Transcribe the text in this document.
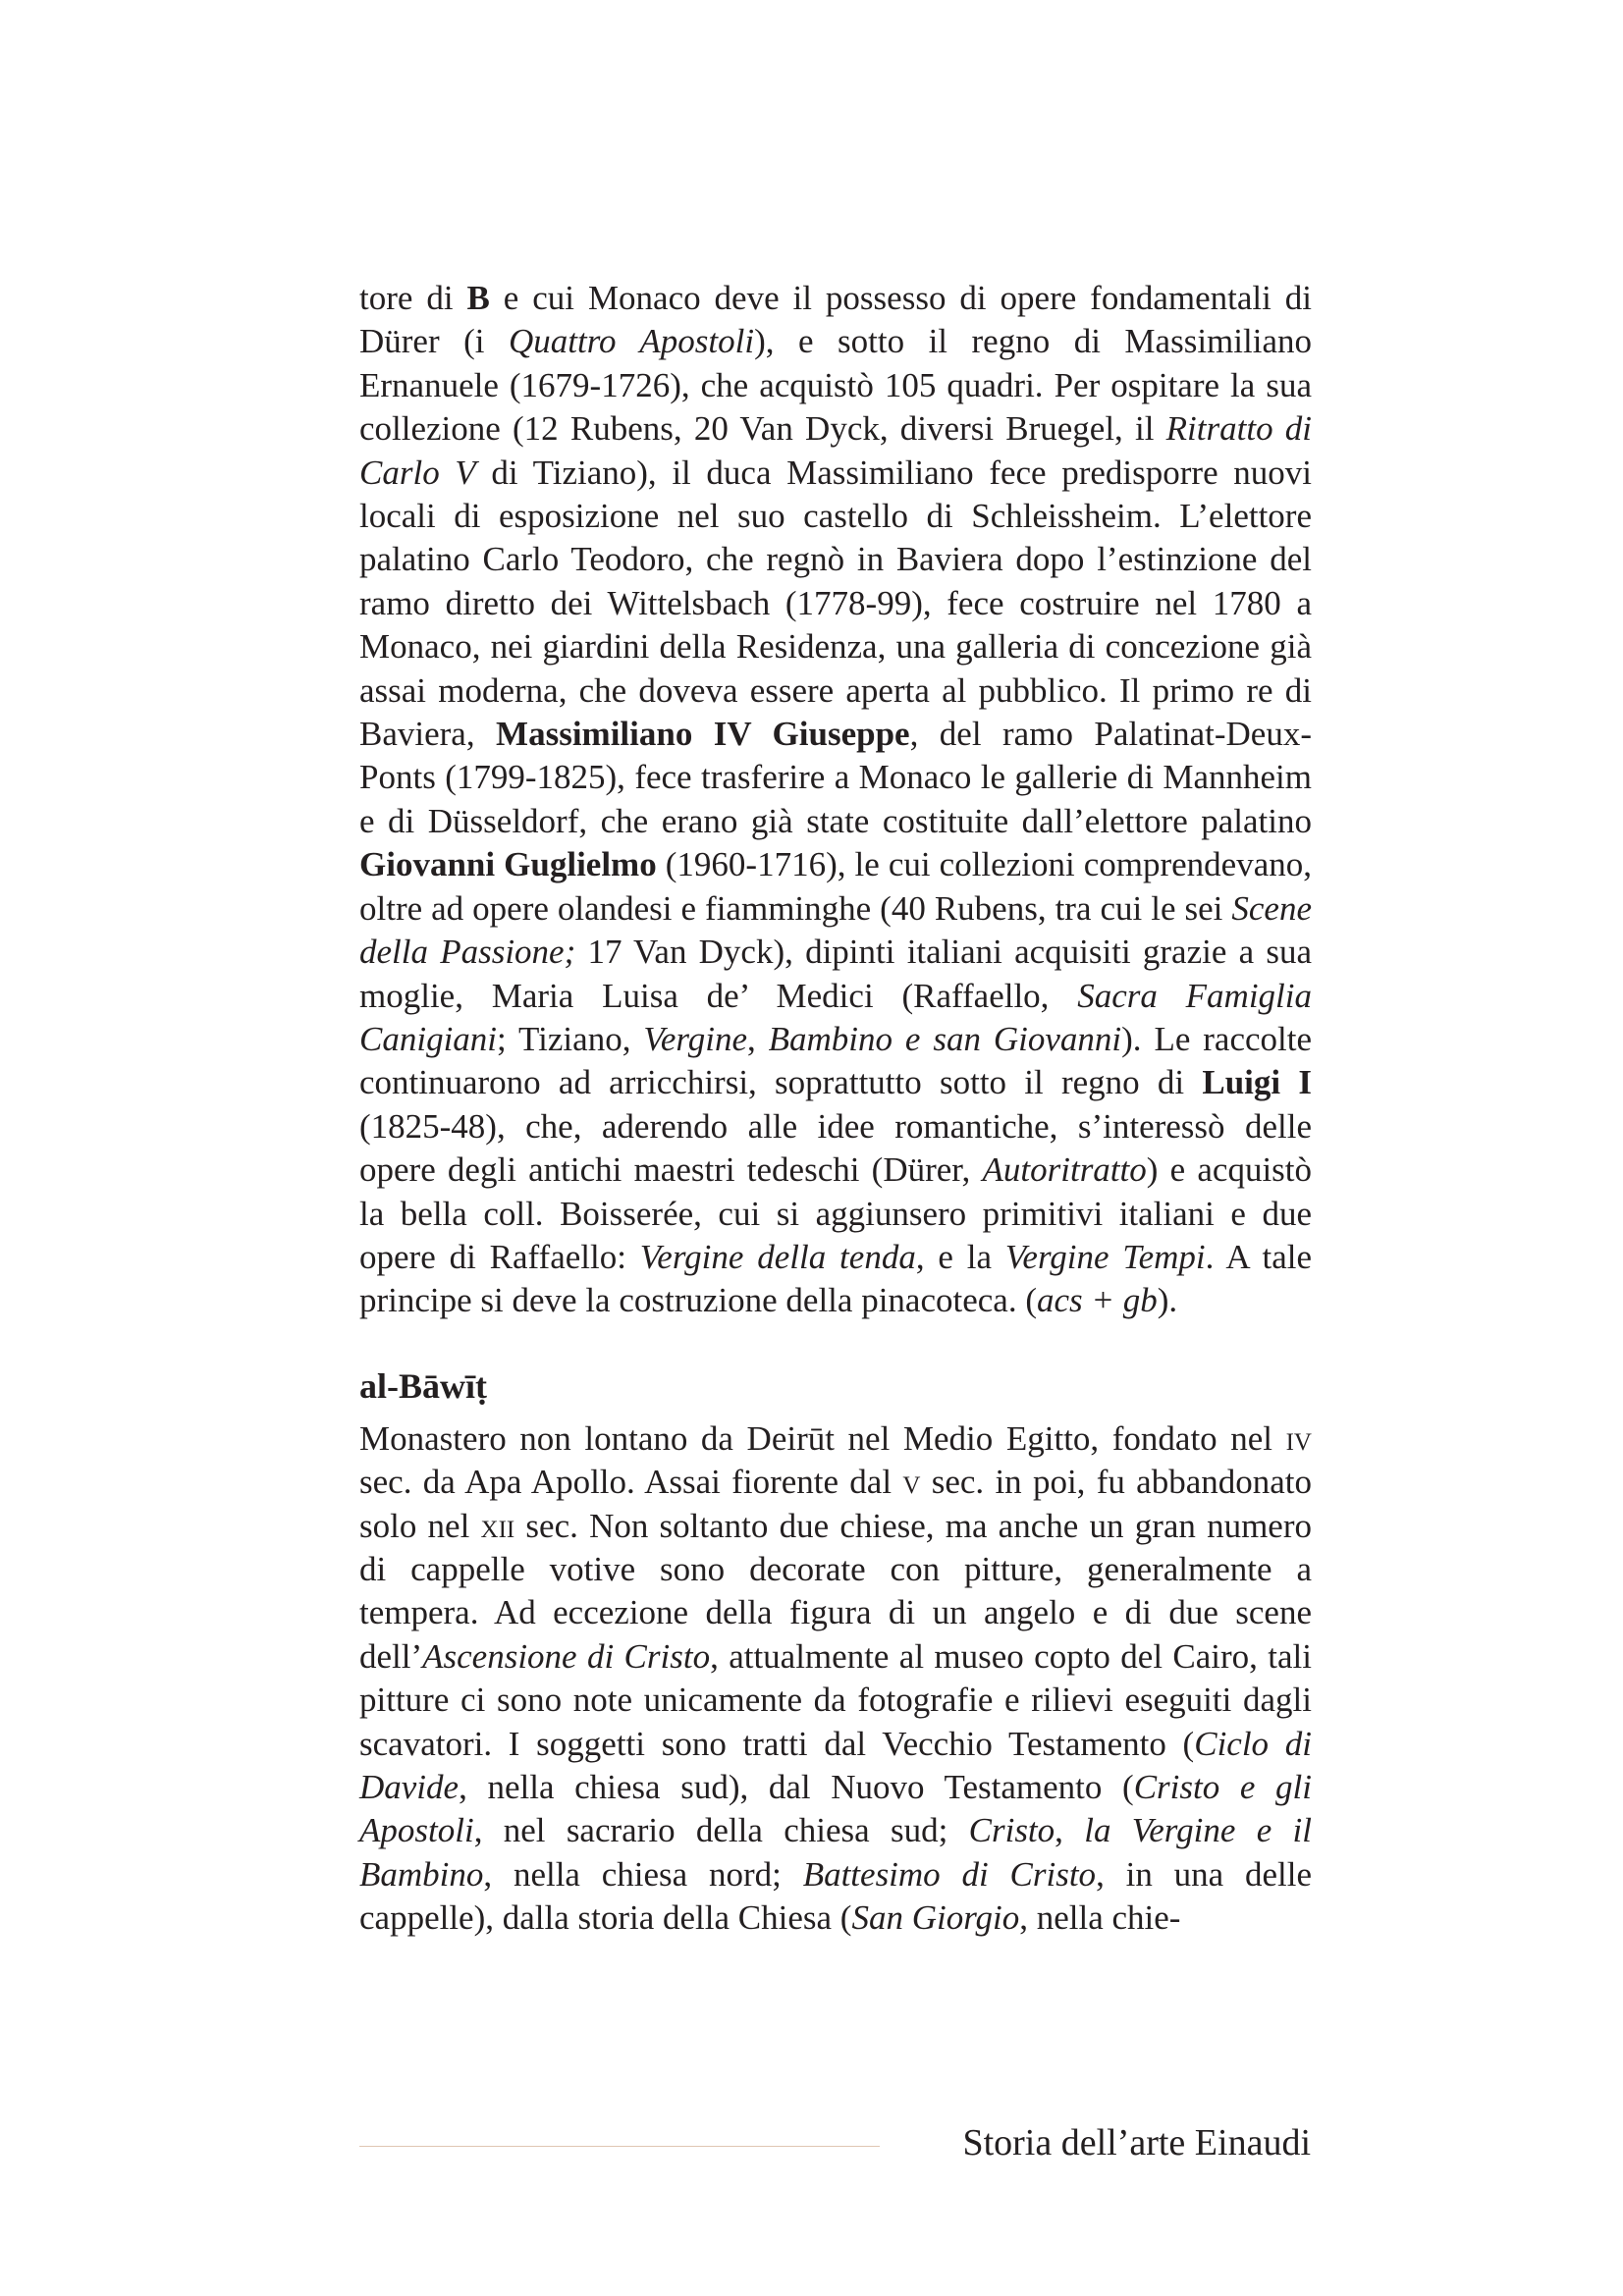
tore di B e cui Monaco deve il possesso di opere fondamentali di Dürer (i Quattro Apostoli), e sotto il regno di Massimiliano Ernanuele (1679-1726), che acquistò 105 quadri. Per ospitare la sua collezione (12 Rubens, 20 Van Dyck, diversi Bruegel, il Ritratto di Carlo V di Tiziano), il duca Massimiliano fece predisporre nuovi locali di esposizione nel suo castello di Schleissheim. L’elettore palatino Carlo Teodoro, che regnò in Baviera dopo l’estinzione del ramo diretto dei Wittelsbach (1778-99), fece costruire nel 1780 a Monaco, nei giardini della Residenza, una galleria di concezione già assai moderna, che doveva essere aperta al pubblico. Il primo re di Baviera, Massimiliano IV Giuseppe, del ramo Palatinat-Deux-Ponts (1799-1825), fece trasferire a Monaco le gallerie di Mannheim e di Düsseldorf, che erano già state costituite dall’elettore palatino Giovanni Guglielmo (1960-1716), le cui collezioni comprendevano, oltre ad opere olandesi e fiamminghe (40 Rubens, tra cui le sei Scene della Passione; 17 Van Dyck), dipinti italiani acquisiti grazie a sua moglie, Maria Luisa de’ Medici (Raffaello, Sacra Famiglia Canigiani; Tiziano, Vergine, Bambino e san Giovanni). Le raccolte continuarono ad arricchirsi, soprattutto sotto il regno di Luigi I (1825-48), che, aderendo alle idee romantiche, s’interessò delle opere degli antichi maestri tedeschi (Dürer, Autoritratto) e acquistò la bella coll. Boisserée, cui si aggiunsero primitivi italiani e due opere di Raffaello: Vergine della tenda, e la Vergine Tempi. A tale principe si deve la costruzione della pinacoteca. (acs + gb).

al-Bāwīṭ

Monastero non lontano da Deirūt nel Medio Egitto, fondato nel iv sec. da Apa Apollo. Assai fiorente dal v sec. in poi, fu abbandonato solo nel xii sec. Non soltanto due chiese, ma anche un gran numero di cappelle votive sono decorate con pitture, generalmente a tempera. Ad eccezione della figura di un angelo e di due scene dell’Ascensione di Cristo, attualmente al museo copto del Cairo, tali pitture ci sono note unicamente da fotografie e rilievi eseguiti dagli scavatori. I soggetti sono tratti dal Vecchio Testamento (Ciclo di Davide, nella chiesa sud), dal Nuovo Testamento (Cristo e gli Apostoli, nel sacrario della chiesa sud; Cristo, la Vergine e il Bambino, nella chiesa nord; Battesimo di Cristo, in una delle cappelle), dalla storia della Chiesa (San Giorgio, nella chie-

Storia dell’arte Einaudi
